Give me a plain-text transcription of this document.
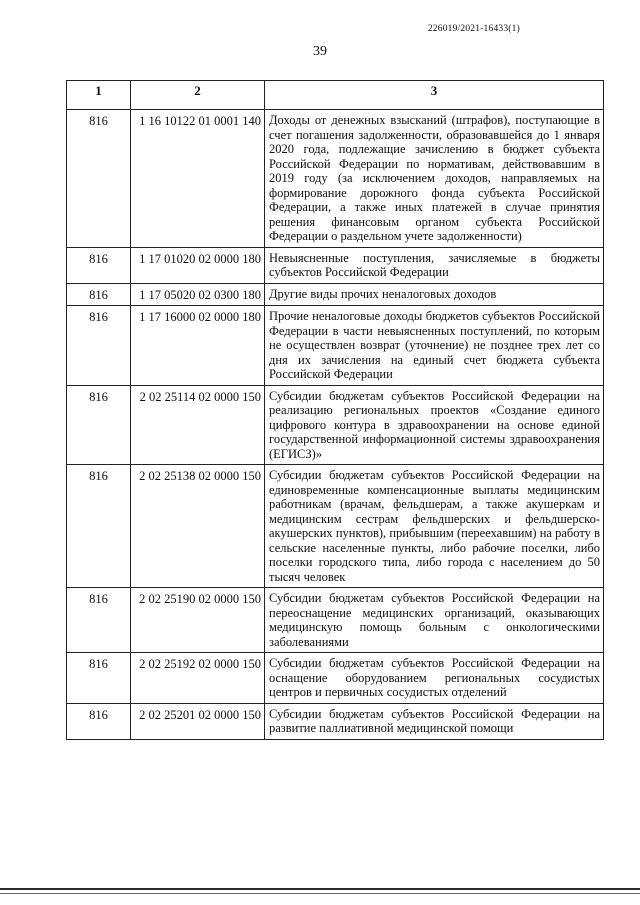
226019/2021-16433(1)
39
1	2	3
816	1 16 10122 01 0001 140	Доходы от денежных взысканий (штрафов), поступающие в счет погашения задолженности, образовавшейся до 1 января 2020 года, подлежащие зачислению в бюджет субъекта Российской Федерации по нормативам, действовавшим в 2019 году (за исключением доходов, направляемых на формирование дорожного фонда субъекта Российской Федерации, а также иных платежей в случае принятия решения финансовым органом субъекта Российской Федерации о раздельном учете задолженности)
816	1 17 01020 02 0000 180	Невыясненные поступления, зачисляемые в бюджеты субъектов Российской Федерации
816	1 17 05020 02 0300 180	Другие виды прочих неналоговых доходов
816	1 17 16000 02 0000 180	Прочие неналоговые доходы бюджетов субъектов Российской Федерации в части невыясненных поступлений, по которым не осуществлен возврат (уточнение) не позднее трех лет со дня их зачисления на единый счет бюджета субъекта Российской Федерации
816	2 02 25114 02 0000 150	Субсидии бюджетам субъектов Российской Федерации на реализацию региональных проектов «Создание единого цифрового контура в здравоохранении на основе единой государственной информационной системы здравоохранения (ЕГИСЗ)»
816	2 02 25138 02 0000 150	Субсидии бюджетам субъектов Российской Федерации на единовременные компенсационные выплаты медицинским работникам (врачам, фельдшерам, а также акушеркам и медицинским сестрам фельдшерских и фельдшерско-акушерских пунктов), прибывшим (переехавшим) на работу в сельские населенные пункты, либо рабочие поселки, либо поселки городского типа, либо города с населением до 50 тысяч человек
816	2 02 25190 02 0000 150	Субсидии бюджетам субъектов Российской Федерации на переоснащение медицинских организаций, оказывающих медицинскую помощь больным с онкологическими заболеваниями
816	2 02 25192 02 0000 150	Субсидии бюджетам субъектов Российской Федерации на оснащение оборудованием региональных сосудистых центров и первичных сосудистых отделений
816	2 02 25201 02 0000 150	Субсидии бюджетам субъектов Российской Федерации на развитие паллиативной медицинской помощи
